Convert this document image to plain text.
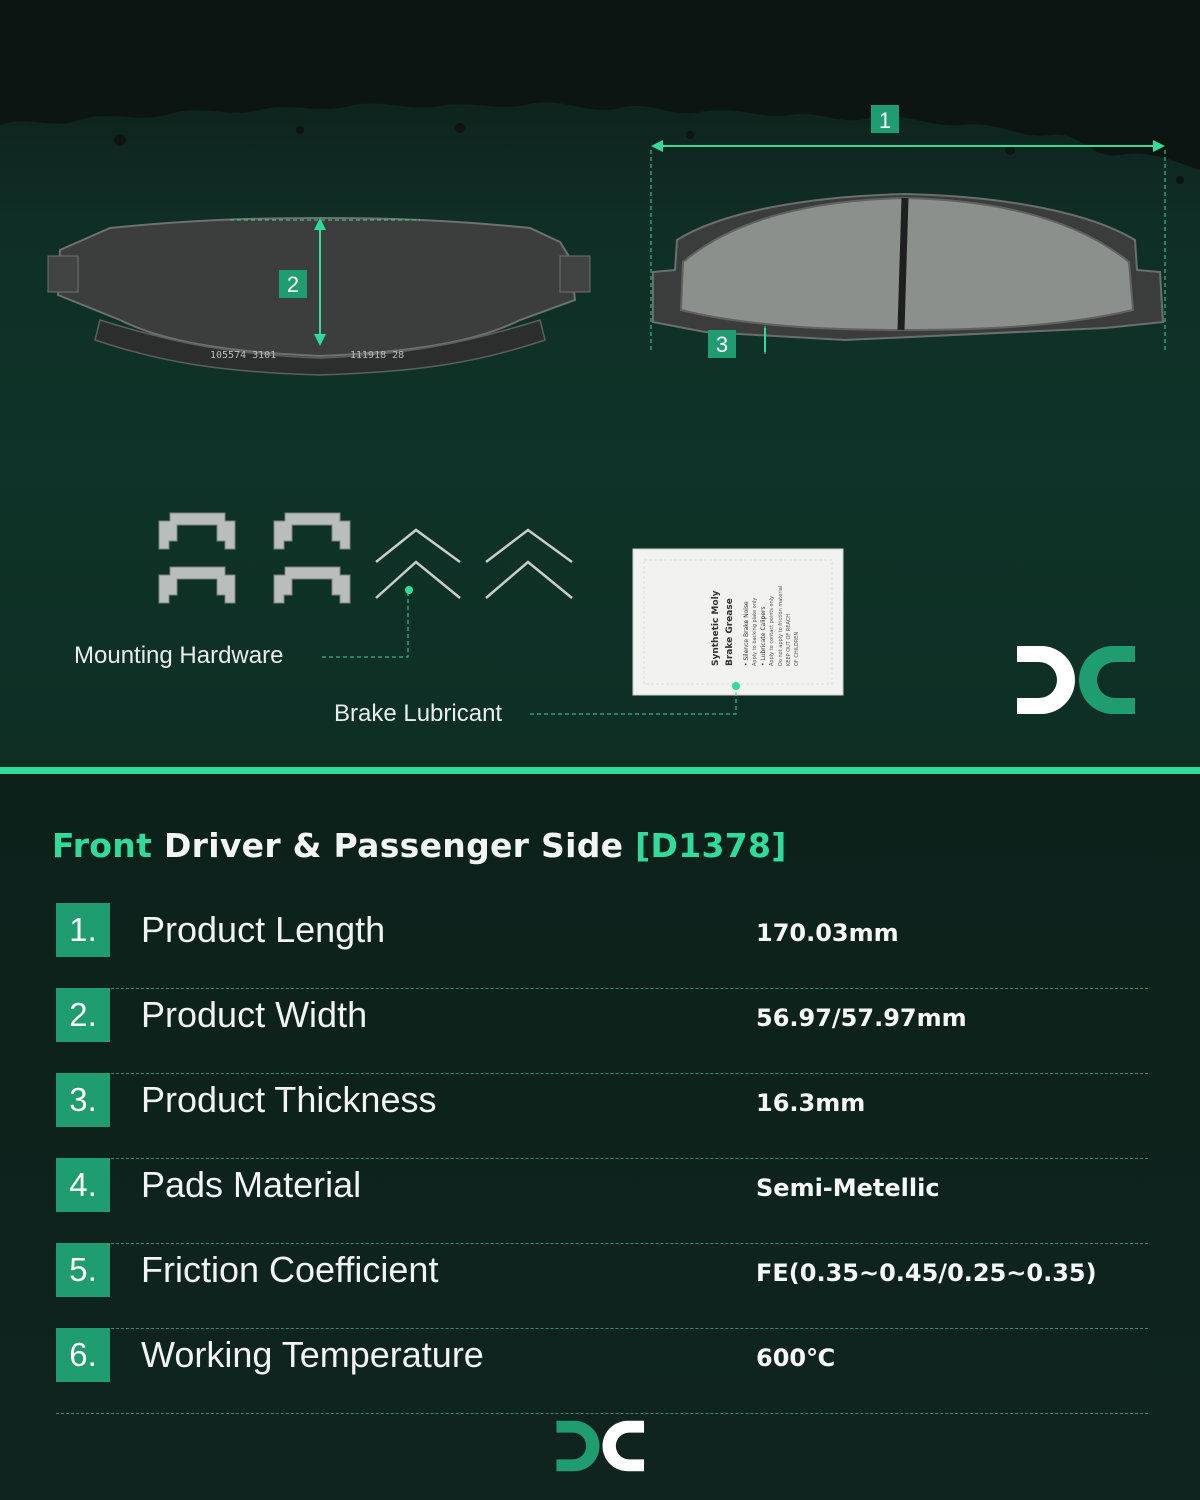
105574 3101	111918 28
2
1
3
Synthetic Moly Brake Grease • Silence Brake Noise Apply to backing plate only • Lubricate Calipers Apply to contact points only Do not apply to friction material KEEP OUT OF REACH OF CHILDREN
Mounting Hardware
Brake Lubricant
Front Driver & Passenger Side [D1378]
1.	Product Length	170.03mm
2.	Product Width	56.97/57.97mm
3.	Product Thickness	16.3mm
4.	Pads Material	Semi-Metellic
5.	Friction Coefficient	FE(0.35~0.45/0.25~0.35)
6.	Working Temperature	600℃
